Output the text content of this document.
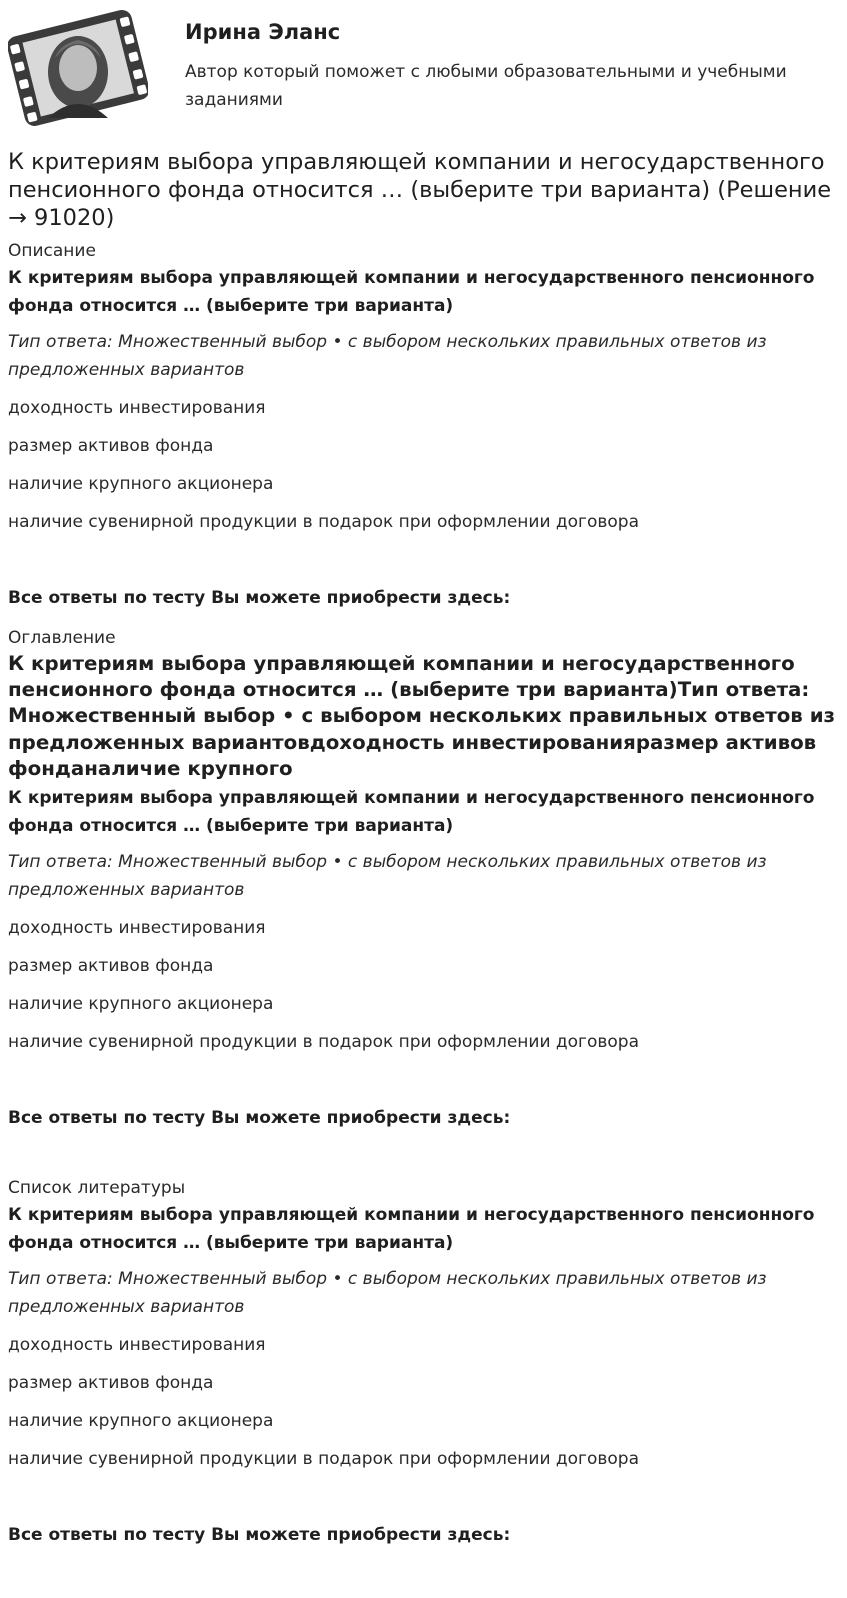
Ирина Эланс
Автор который поможет с любыми образовательными и учебными заданиями
К критериям выбора управляющей компании и негосударственного пенсионного фонда относится … (выберите три варианта) (Решение → 91020)
Описание
К критериям выбора управляющей компании и негосударственного пенсионного фонда относится … (выберите три варианта)
Тип ответа: Множественный выбор • с выбором нескольких правильных ответов из предложенных вариантов
доходность инвестирования
размер активов фонда
наличие крупного акционера
наличие сувенирной продукции в подарок при оформлении договора
Все ответы по тесту Вы можете приобрести здесь:
Оглавление
К критериям выбора управляющей компании и негосударственного пенсионного фонда относится … (выберите три варианта)Тип ответа: Множественный выбор • с выбором нескольких правильных ответов из предложенных вариантовдоходность инвестированияразмер активов фонданаличие крупного
К критериям выбора управляющей компании и негосударственного пенсионного фонда относится … (выберите три варианта)
Тип ответа: Множественный выбор • с выбором нескольких правильных ответов из предложенных вариантов
доходность инвестирования
размер активов фонда
наличие крупного акционера
наличие сувенирной продукции в подарок при оформлении договора
Все ответы по тесту Вы можете приобрести здесь:
Список литературы
К критериям выбора управляющей компании и негосударственного пенсионного фонда относится … (выберите три варианта)
Тип ответа: Множественный выбор • с выбором нескольких правильных ответов из предложенных вариантов
доходность инвестирования
размер активов фонда
наличие крупного акционера
наличие сувенирной продукции в подарок при оформлении договора
Все ответы по тесту Вы можете приобрести здесь:
